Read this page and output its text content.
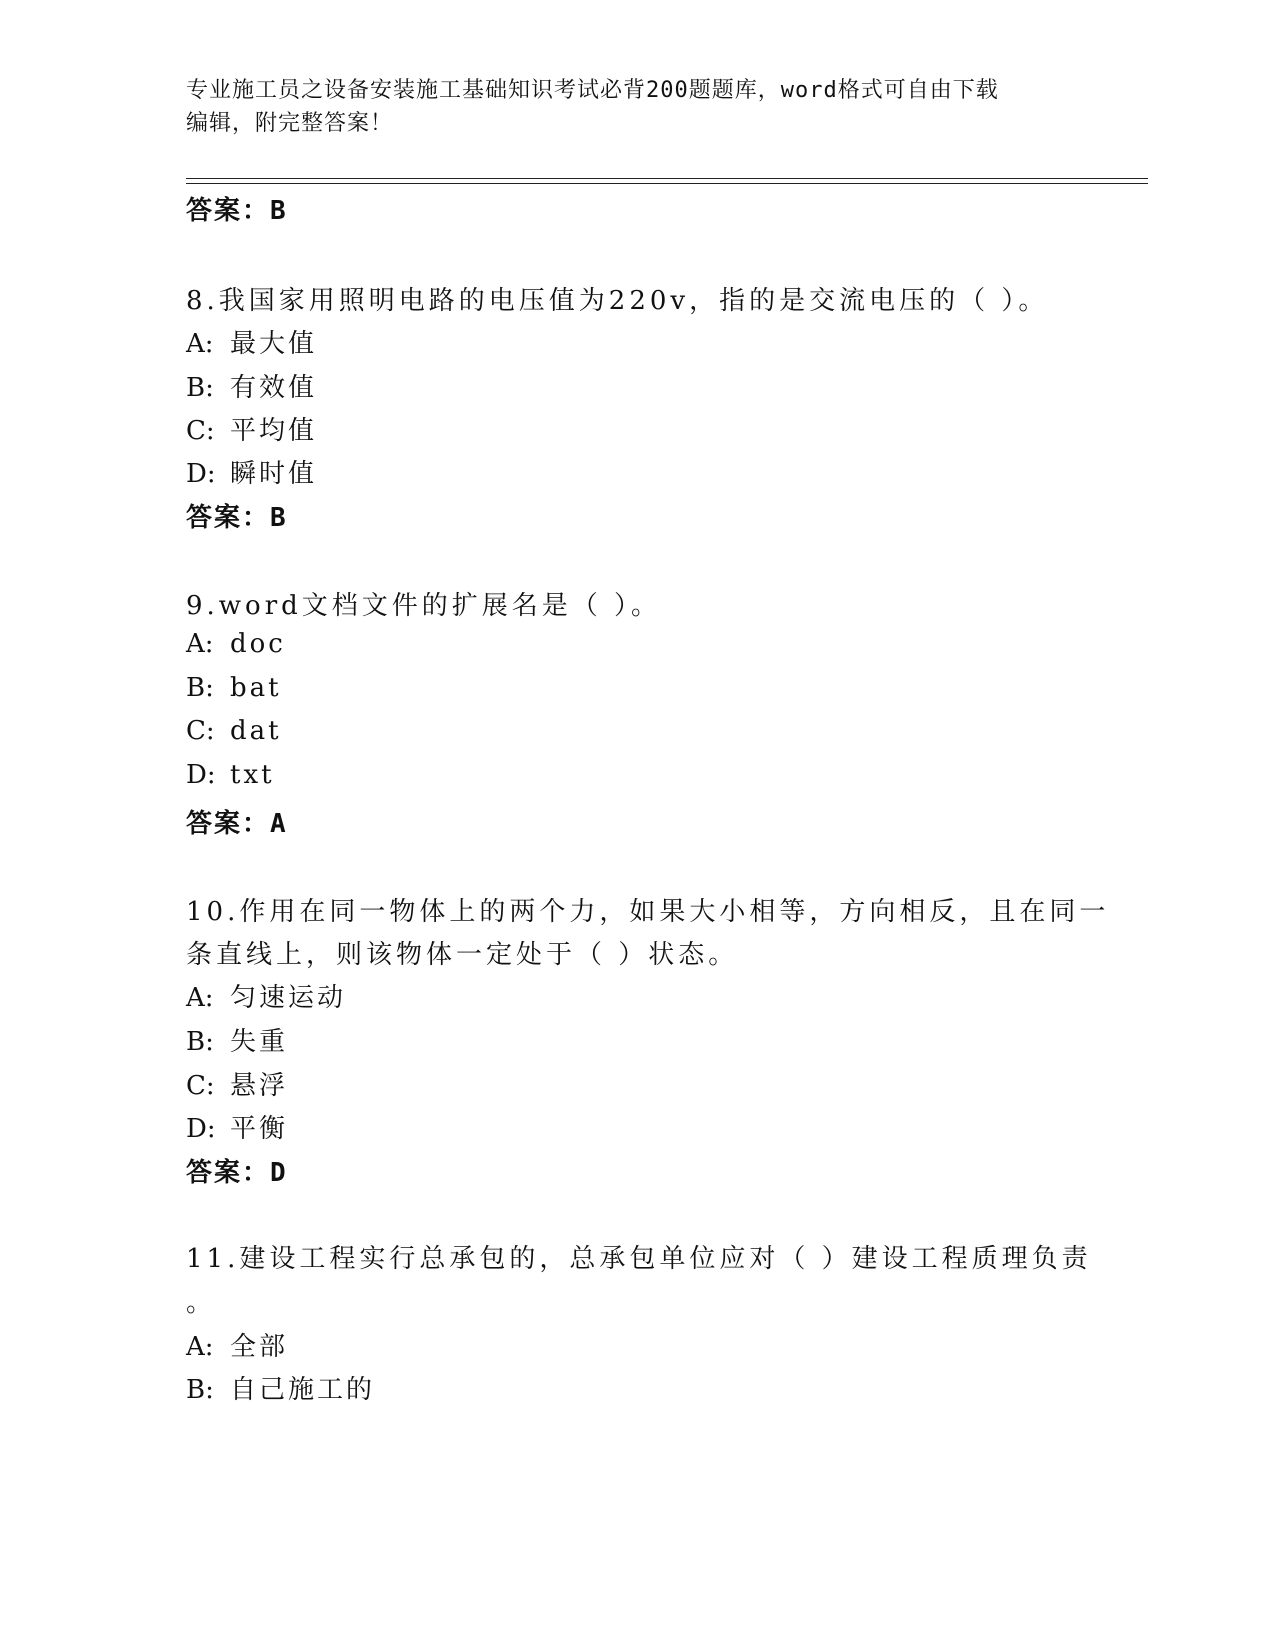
专业施工员之设备安装施工基础知识考试必背200题题库，word格式可自由下载
编辑，附完整答案！
答案：B
8.我国家用照明电路的电压值为220v，指的是交流电压的（ ）。
A: 最大值
B: 有效值
C: 平均值
D: 瞬时值
答案：B
9.word文档文件的扩展名是（ ）。
A: doc
B: bat
C: dat
D: txt
答案：A
10.作用在同一物体上的两个力，如果大小相等，方向相反，且在同一
条直线上，则该物体一定处于（ ）状态。
A: 匀速运动
B: 失重
C: 悬浮
D: 平衡
答案：D
11.建设工程实行总承包的，总承包单位应对（ ）建设工程质理负责
。
A: 全部
B: 自己施工的
